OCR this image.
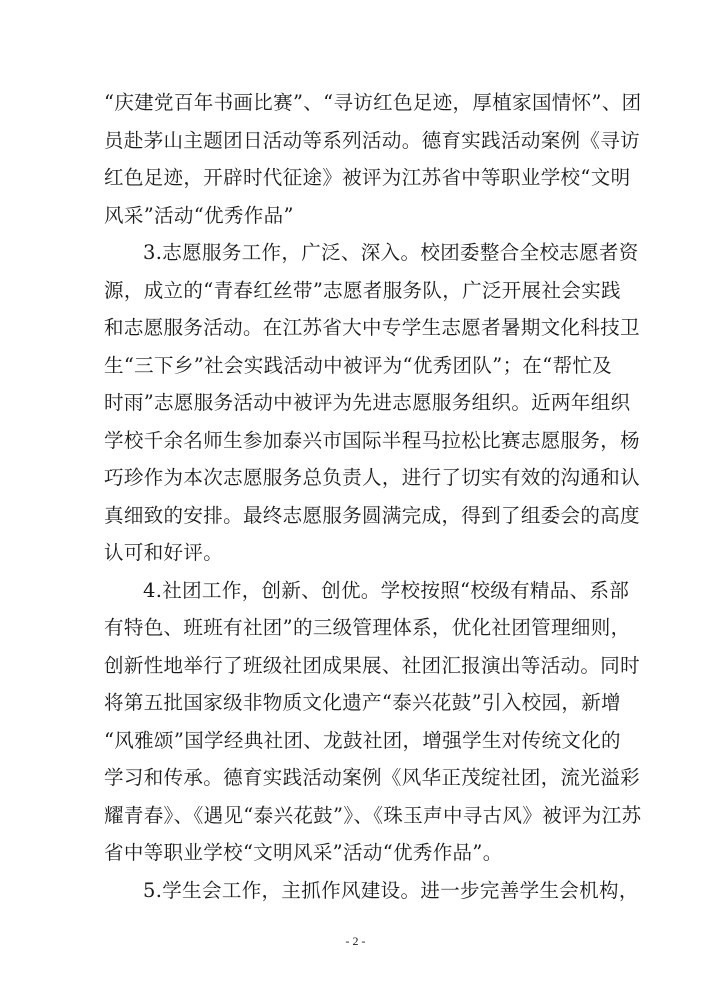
“庆建党百年书画比赛”、“寻访红色足迹，厚植家国情怀”、团
员赴茅山主题团日活动等系列活动。德育实践活动案例《寻访
红色足迹，开辟时代征途》被评为江苏省中等职业学校“文明
风采”活动“优秀作品”
3.志愿服务工作，广泛、深入。校团委整合全校志愿者资
源，成立的“青春红丝带”志愿者服务队，广泛开展社会实践
和志愿服务活动。在江苏省大中专学生志愿者暑期文化科技卫
生“三下乡”社会实践活动中被评为“优秀团队”；在“帮忙及
时雨”志愿服务活动中被评为先进志愿服务组织。近两年组织
学校千余名师生参加泰兴市国际半程马拉松比赛志愿服务，杨
巧珍作为本次志愿服务总负责人，进行了切实有效的沟通和认
真细致的安排。最终志愿服务圆满完成，得到了组委会的高度
认可和好评。
4.社团工作，创新、创优。学校按照“校级有精品、系部
有特色、班班有社团”的三级管理体系，优化社团管理细则，
创新性地举行了班级社团成果展、社团汇报演出等活动。同时
将第五批国家级非物质文化遗产“泰兴花鼓”引入校园，新增
“风雅颂”国学经典社团、龙鼓社团，增强学生对传统文化的
学习和传承。德育实践活动案例《风华正茂绽社团，流光溢彩
耀青春》、《遇见“泰兴花鼓”》、《珠玉声中寻古风》被评为江苏
省中等职业学校“文明风采”活动“优秀作品”。
5.学生会工作，主抓作风建设。进一步完善学生会机构，
- 2 -
